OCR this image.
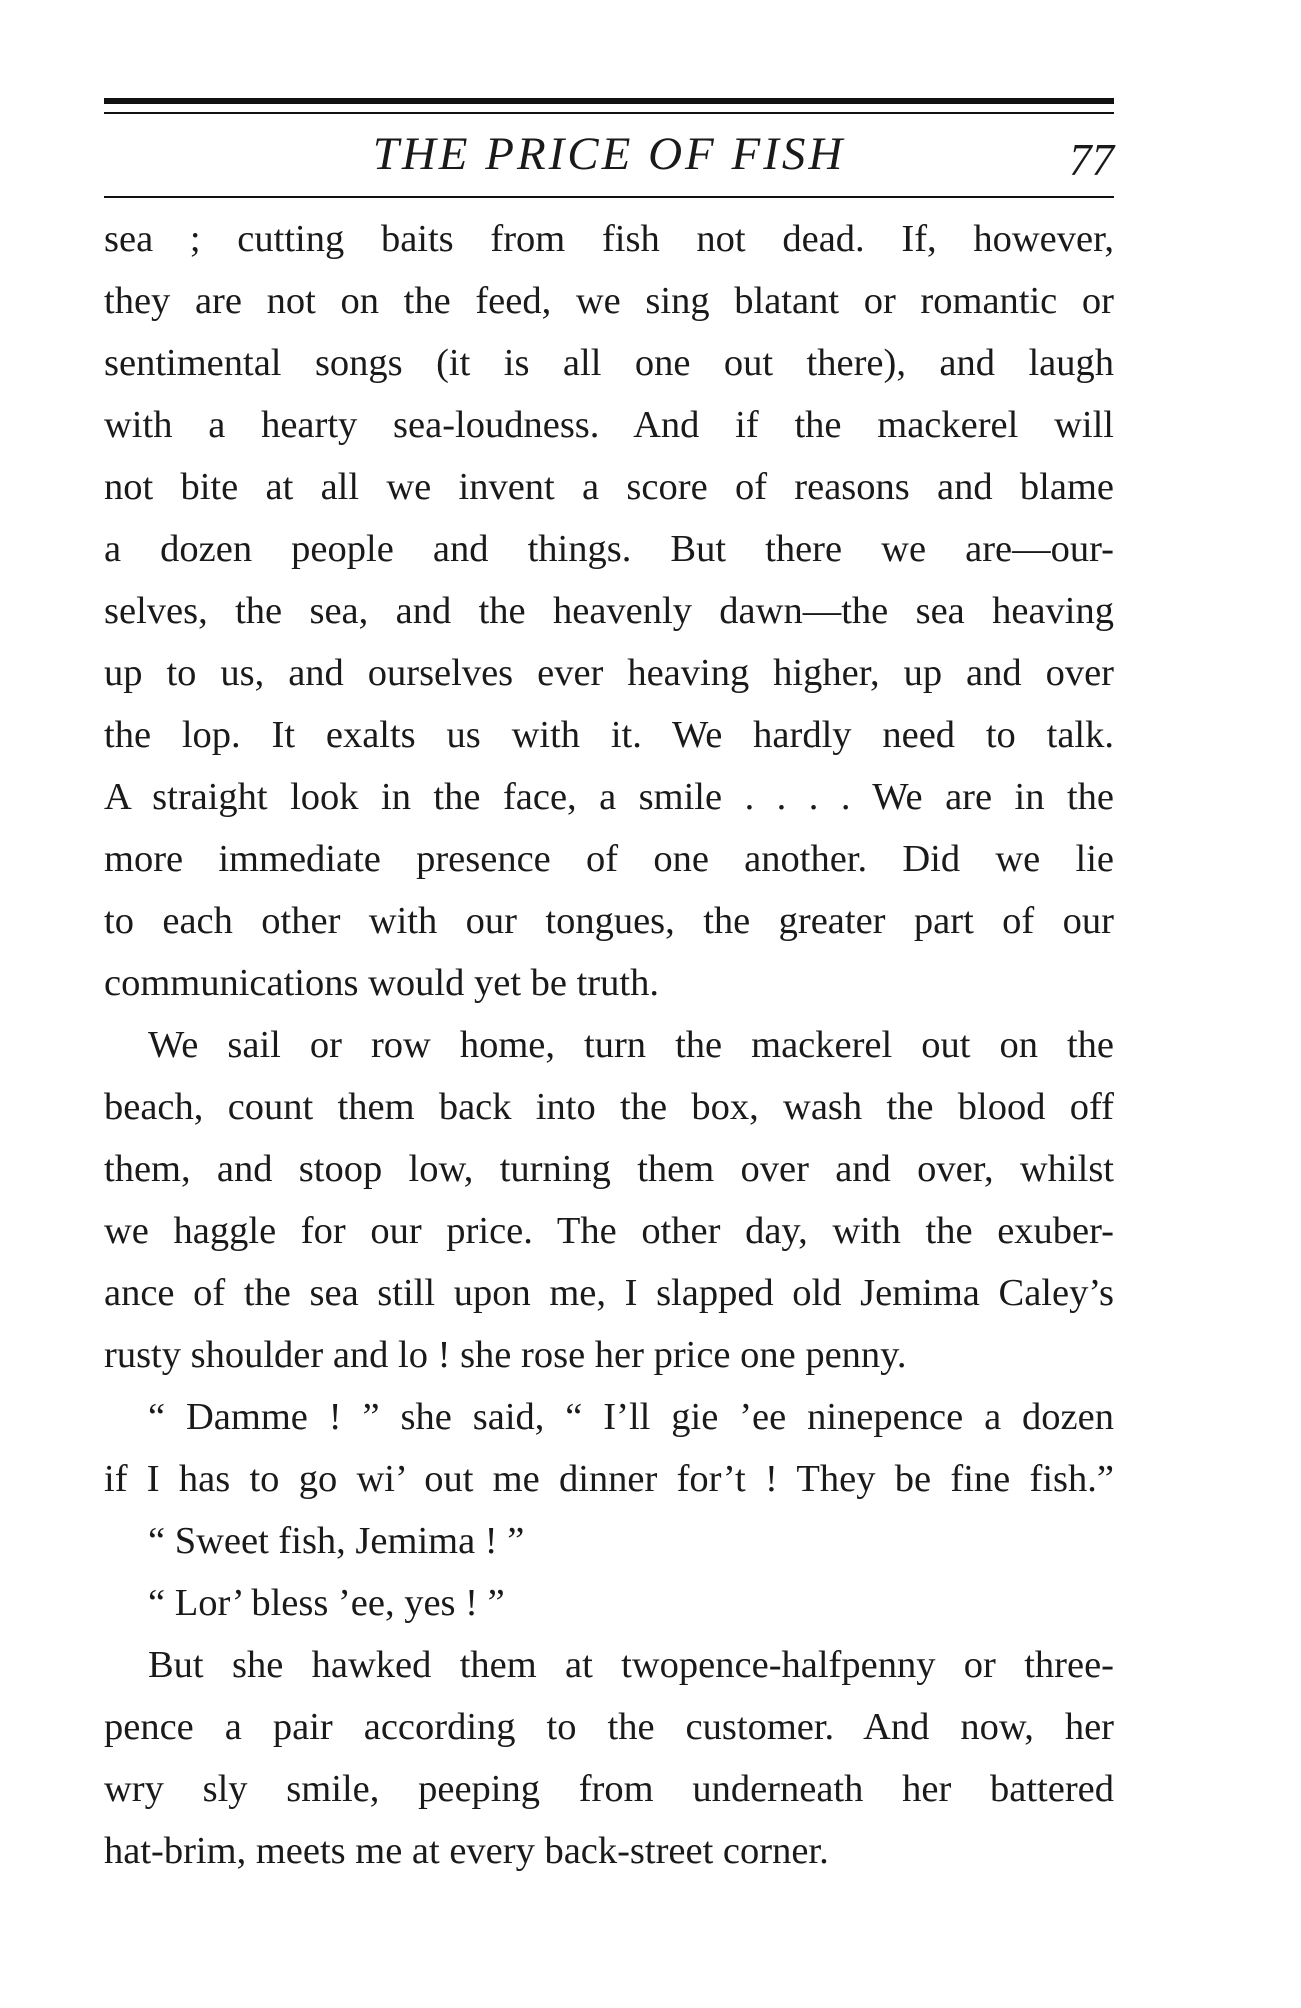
THE PRICE OF FISH	77
sea ; cutting baits from fish not dead. If, however,
they are not on the feed, we sing blatant or romantic or
sentimental songs (it is all one out there), and laugh
with a hearty sea-loudness. And if the mackerel will
not bite at all we invent a score of reasons and blame
a dozen people and things. But there we are—our-
selves, the sea, and the heavenly dawn—the sea heaving
up to us, and ourselves ever heaving higher, up and over
the lop. It exalts us with it. We hardly need to talk.
A straight look in the face, a smile . . . . We are in the
more immediate presence of one another. Did we lie
to each other with our tongues, the greater part of our
communications would yet be truth.
We sail or row home, turn the mackerel out on the
beach, count them back into the box, wash the blood off
them, and stoop low, turning them over and over, whilst
we haggle for our price. The other day, with the exuber-
ance of the sea still upon me, I slapped old Jemima Caley’s
rusty shoulder and lo ! she rose her price one penny.
“ Damme ! ” she said, “ I’ll gie ’ee ninepence a dozen
if I has to go wi’ out me dinner for’t ! They be fine fish.”
“ Sweet fish, Jemima ! ”
“ Lor’ bless ’ee, yes ! ”
But she hawked them at twopence-halfpenny or three-
pence a pair according to the customer. And now, her
wry sly smile, peeping from underneath her battered
hat-brim, meets me at every back-street corner.
